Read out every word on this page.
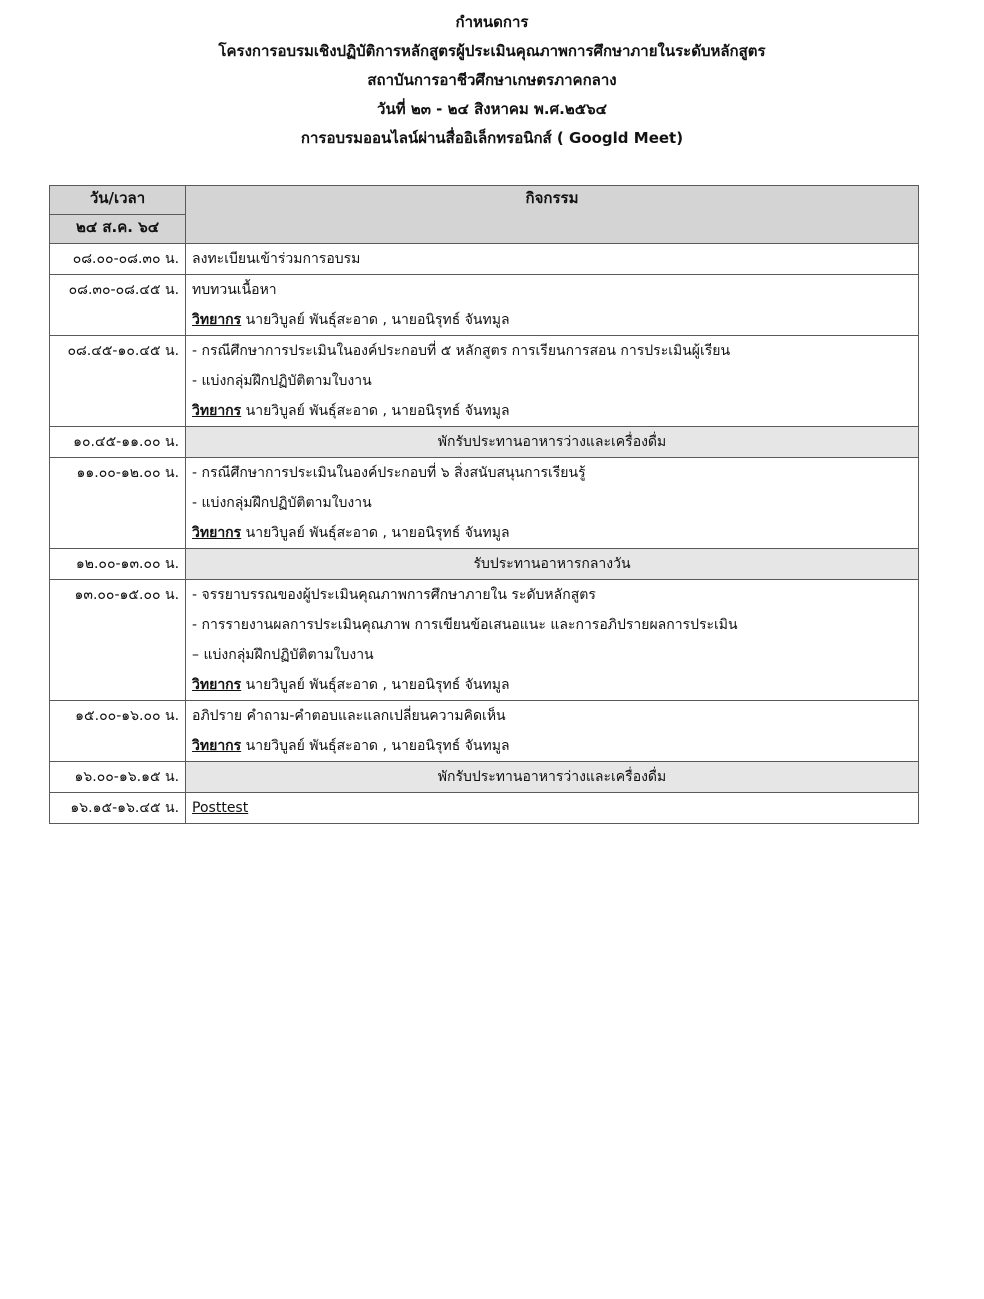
กำหนดการ
โครงการอบรมเชิงปฏิบัติการหลักสูตรผู้ประเมินคุณภาพการศึกษาภายในระดับหลักสูตร
สถาบันการอาชีวศึกษาเกษตรภาคกลาง
วันที่ ๒๓ - ๒๔ สิงหาคม พ.ศ.๒๕๖๔
การอบรมออนไลน์ผ่านสื่ออิเล็กทรอนิกส์ ( Googld Meet)
วัน/เวลา	กิจกรรม
๒๔ ส.ค. ๖๔	

๐๘.๐๐-๐๘.๓๐ น.	ลงทะเบียนเข้าร่วมการอบรม

๐๘.๓๐-๐๘.๔๕ น.	ทบทวนเนื้อหา
วิทยากร นายวิบูลย์ พันธุ์สะอาด , นายอนิรุทธ์ จันทมูล

๐๘.๔๕-๑๐.๔๕ น.	- กรณีศึกษาการประเมินในองค์ประกอบที่ ๕ หลักสูตร การเรียนการสอน การประเมินผู้เรียน
- แบ่งกลุ่มฝึกปฏิบัติตามใบงาน
วิทยากร นายวิบูลย์ พันธุ์สะอาด , นายอนิรุทธ์ จันทมูล

๑๐.๔๕-๑๑.๐๐ น.	พักรับประทานอาหารว่างและเครื่องดื่ม

๑๑.๐๐-๑๒.๐๐ น.	- กรณีศึกษาการประเมินในองค์ประกอบที่ ๖ สิ่งสนับสนุนการเรียนรู้
- แบ่งกลุ่มฝึกปฏิบัติตามใบงาน
วิทยากร นายวิบูลย์ พันธุ์สะอาด , นายอนิรุทธ์ จันทมูล

๑๒.๐๐-๑๓.๐๐ น.	รับประทานอาหารกลางวัน

๑๓.๐๐-๑๕.๐๐ น.	- จรรยาบรรณของผู้ประเมินคุณภาพการศึกษาภายใน ระดับหลักสูตร
- การรายงานผลการประเมินคุณภาพ การเขียนข้อเสนอแนะ และการอภิปรายผลการประเมิน
– แบ่งกลุ่มฝึกปฏิบัติตามใบงาน
วิทยากร นายวิบูลย์ พันธุ์สะอาด , นายอนิรุทธ์ จันทมูล

๑๕.๐๐-๑๖.๐๐ น.	อภิปราย คำถาม-คำตอบและแลกเปลี่ยนความคิดเห็น
วิทยากร นายวิบูลย์ พันธุ์สะอาด , นายอนิรุทธ์ จันทมูล

๑๖.๐๐-๑๖.๑๕ น.	พักรับประทานอาหารว่างและเครื่องดื่ม

๑๖.๑๕-๑๖.๔๕ น.	Posttest
